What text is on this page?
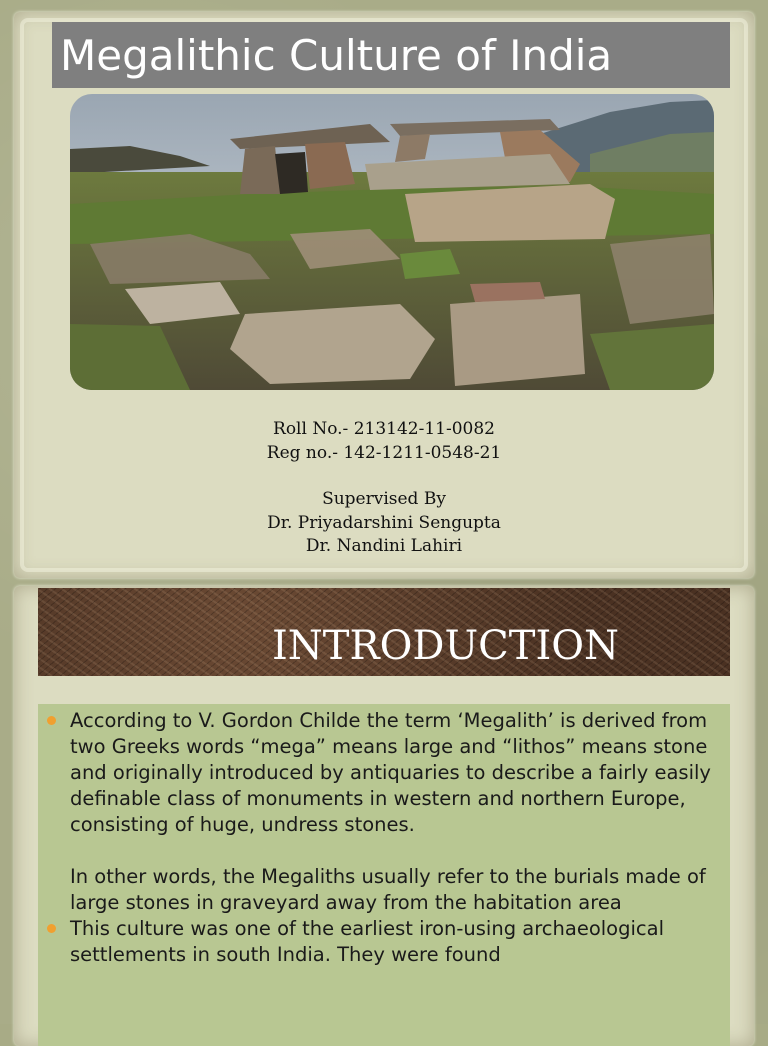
Megalithic Culture of India
Roll No.- 213142-11-0082
Reg no.- 142-1211-0548-21
Supervised By
Dr. Priyadarshini Sengupta
Dr. Nandini Lahiri
INTRODUCTION
According to V. Gordon Childe the term ‘Megalith’ is derived from two Greeks words “mega” means large and “lithos” means stone and originally introduced by antiquaries to describe a fairly easily definable class of monuments in western and northern Europe, consisting of huge, undress stones.
In other words, the Megaliths usually refer to the burials made of large stones in graveyard away from the habitation area
This culture was one of the earliest iron-using archaeological settlements in south India. They were found
